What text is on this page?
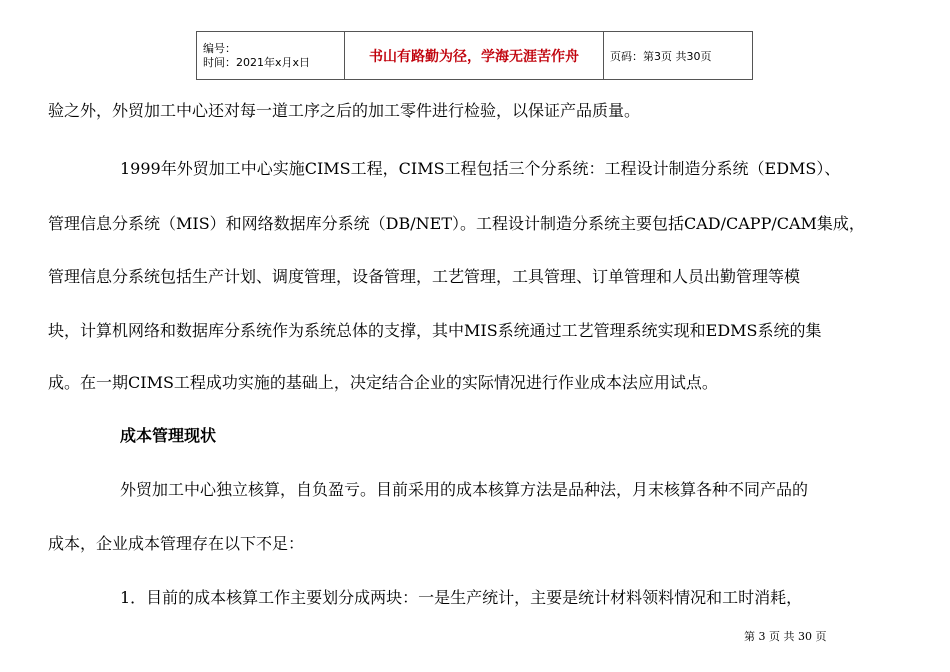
编号：
时间：2021年x月x日	书山有路勤为径，学海无涯苦作舟	页码：第3页 共30页
验之外，外贸加工中心还对每一道工序之后的加工零件进行检验，以保证产品质量。
1999年外贸加工中心实施CIMS工程，CIMS工程包括三个分系统：工程设计制造分系统（EDMS）、
管理信息分系统（MIS）和网络数据库分系统（DB/NET）。工程设计制造分系统主要包括CAD/CAPP/CAM集成，
管理信息分系统包括生产计划、调度管理，设备管理，工艺管理，工具管理、订单管理和人员出勤管理等模
块，计算机网络和数据库分系统作为系统总体的支撑，其中MIS系统通过工艺管理系统实现和EDMS系统的集
成。在一期CIMS工程成功实施的基础上，决定结合企业的实际情况进行作业成本法应用试点。
成本管理现状
外贸加工中心独立核算，自负盈亏。目前采用的成本核算方法是品种法，月末核算各种不同产品的
成本，企业成本管理存在以下不足：
1．目前的成本核算工作主要划分成两块：一是生产统计，主要是统计材料领料情况和工时消耗，
第 3 页 共 30 页
